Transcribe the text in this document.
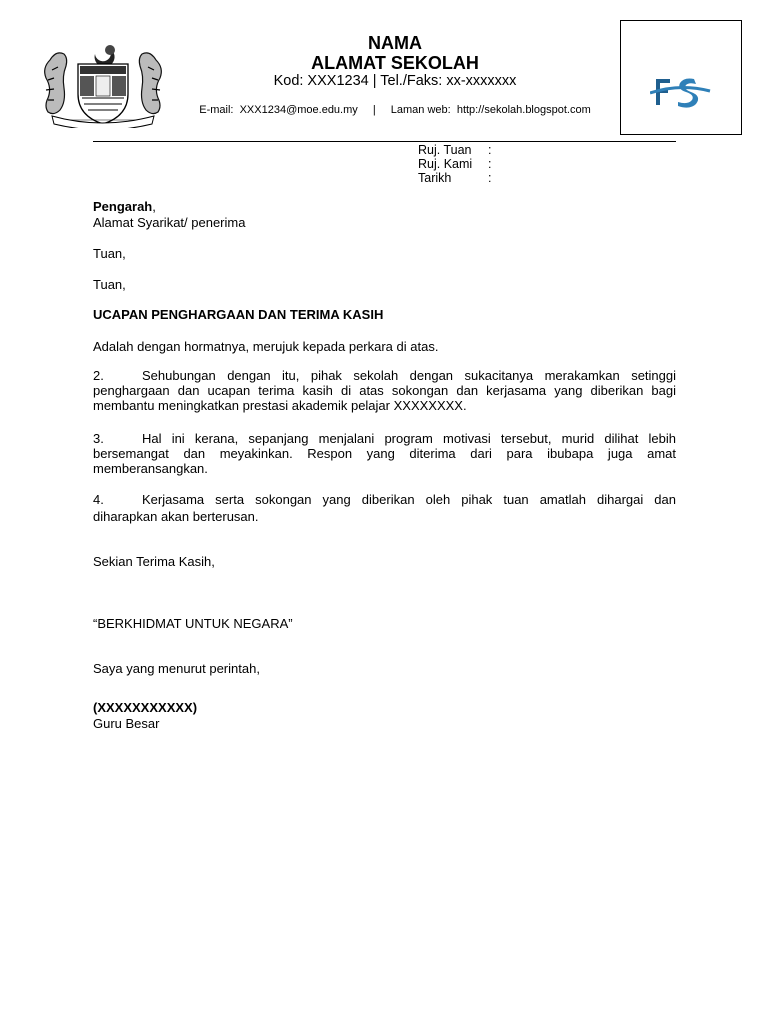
NAMA
ALAMAT SEKOLAH
Kod: XXX1234 | Tel./Faks: xx-xxxxxxx
E-mail: XXX1234@moe.edu.my | Laman web: http://sekolah.blogspot.com
Ruj. Tuan :
Ruj. Kami :
Tarikh	:
Pengarah,
Alamat Syarikat/ penerima
Tuan,
Tuan,
UCAPAN PENGHARGAAN DAN TERIMA KASIH
Adalah dengan hormatnya, merujuk kepada perkara di atas.
2.	Sehubungan dengan itu, pihak sekolah dengan sukacitanya merakamkan setinggi
penghargaan dan ucapan terima kasih di atas sokongan dan kerjasama yang diberikan bagi
membantu meningkatkan prestasi akademik pelajar XXXXXXXX.
3.	Hal ini kerana, sepanjang menjalani program motivasi tersebut, murid dilihat lebih
bersemangat dan meyakinkan. Respon yang diterima dari para ibubapa juga amat
memberansangkan.
4.	Kerjasama serta sokongan yang diberikan oleh pihak tuan amatlah dihargai dan
diharapkan akan berterusan.
Sekian Terima Kasih,
“BERKHIDMAT UNTUK NEGARA”
Saya yang menurut perintah,
(XXXXXXXXXXX)
Guru Besar
